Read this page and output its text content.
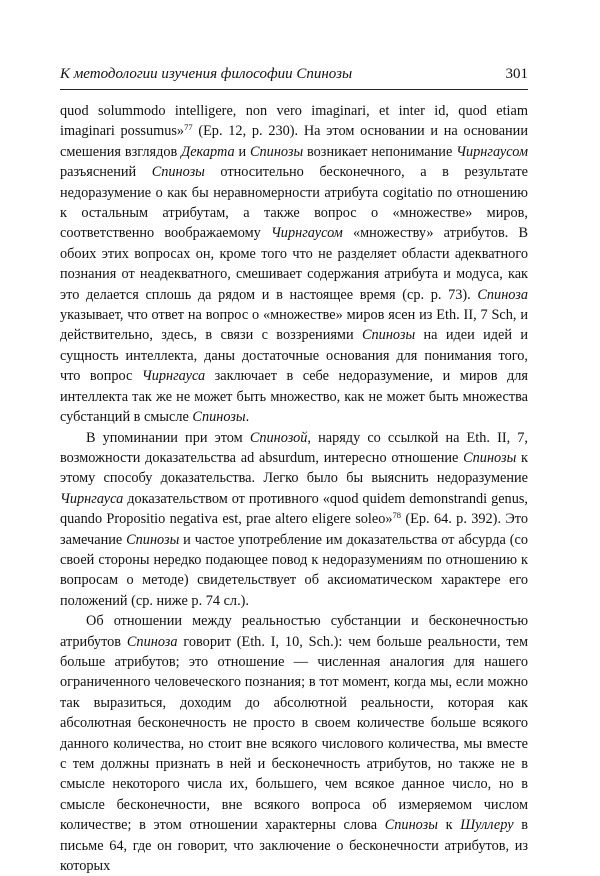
К методологии изучения философии Спинозы	301

quod solummodo intelligere, non vero imaginari, et inter id, quod etiam imaginari possumus»$^{77}$ (Ep. 12, p. 230). На этом основании и на основании смешения взглядов Декарта и Спинозы возникает непонимание Чирнгаусом разъяснений Спинозы относительно бесконечного, а в результате недоразумение о как бы неравномерности атрибута cogitatio по отношению к остальным атрибутам, а также вопрос о «множестве» миров, соответственно воображаемому Чирнгаусом «множеству» атрибутов. В обоих этих вопросах он, кроме того что не разделяет области адекватного познания от неадекватного, смешивает содержания атрибута и модуса, как это делается сплошь да рядом и в настоящее время (ср. р. 73). Спиноза указывает, что ответ на вопрос о «множестве» миров ясен из Eth. II, 7 Sch, и действительно, здесь, в связи с воззрениями Спинозы на идеи идей и сущность интеллекта, даны достаточные основания для понимания того, что вопрос Чирнгауса заключает в себе недоразумение, и миров для интеллекта так же не может быть множество, как не может быть множества субстанций в смысле Спинозы.

В упоминании при этом Спинозой, наряду со ссылкой на Eth. II, 7, возможности доказательства ad absurdum, интересно отношение Спинозы к этому способу доказательства. Легко было бы выяснить недоразумение Чирнгауса доказательством от противного «quod quidem demonstrandi genus, quando Propositio negativa est, prae altero eligere soleo»$^{78}$ (Ep. 64. p. 392). Это замечание Спинозы и частое употребление им доказательства от абсурда (со своей стороны нередко подающее повод к недоразумениям по отношению к вопросам о методе) свидетельствует об аксиоматическом характере его положений (ср. ниже р. 74 сл.).

Об отношении между реальностью субстанции и бесконечностью атрибутов Спиноза говорит (Eth. I, 10, Sch.): чем больше реальности, тем больше атрибутов; это отношение — численная аналогия для нашего ограниченного человеческого познания; в тот момент, когда мы, если можно так выразиться, доходим до абсолютной реальности, которая как абсолютная бесконечность не просто в своем количестве больше всякого данного количества, но стоит вне всякого числового количества, мы вместе с тем должны признать в ней и бесконечность атрибутов, но также не в смысле некоторого числа их, большего, чем всякое данное число, но в смысле бесконечности, вне всякого вопроса об измеряемом числом количестве; в этом отношении характерны слова Спинозы к Шуллеру в письме 64, где он говорит, что заключение о бесконечности атрибутов, из которых
